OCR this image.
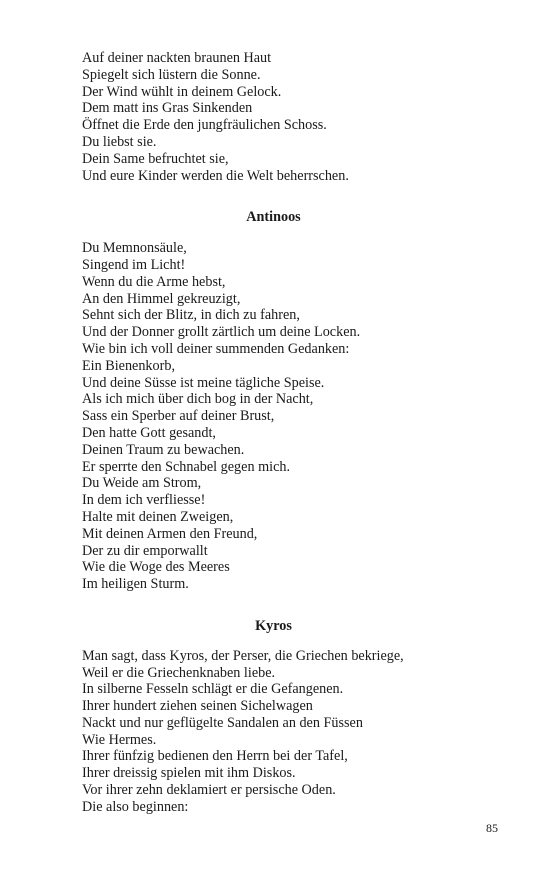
Auf deiner nackten braunen Haut
Spiegelt sich lüstern die Sonne.
Der Wind wühlt in deinem Gelock.
Dem matt ins Gras Sinkenden
Öffnet die Erde den jungfräulichen Schoss.
Du liebst sie.
Dein Same befruchtet sie,
Und eure Kinder werden die Welt beherrschen.
Antinoos
Du Memnonsäule,
Singend im Licht!
Wenn du die Arme hebst,
An den Himmel gekreuzigt,
Sehnt sich der Blitz, in dich zu fahren,
Und der Donner grollt zärtlich um deine Locken.
Wie bin ich voll deiner summenden Gedanken:
Ein Bienenkorb,
Und deine Süsse ist meine tägliche Speise.
Als ich mich über dich bog in der Nacht,
Sass ein Sperber auf deiner Brust,
Den hatte Gott gesandt,
Deinen Traum zu bewachen.
Er sperrte den Schnabel gegen mich.
Du Weide am Strom,
In dem ich verfliesse!
Halte mit deinen Zweigen,
Mit deinen Armen den Freund,
Der zu dir emporwallt
Wie die Woge des Meeres
Im heiligen Sturm.
Kyros
Man sagt, dass Kyros, der Perser, die Griechen bekriege,
Weil er die Griechenknaben liebe.
In silberne Fesseln schlägt er die Gefangenen.
Ihrer hundert ziehen seinen Sichelwagen
Nackt und nur geflügelte Sandalen an den Füssen
Wie Hermes.
Ihrer fünfzig bedienen den Herrn bei der Tafel,
Ihrer dreissig spielen mit ihm Diskos.
Vor ihrer zehn deklamiert er persische Oden.
Die also beginnen:
85
